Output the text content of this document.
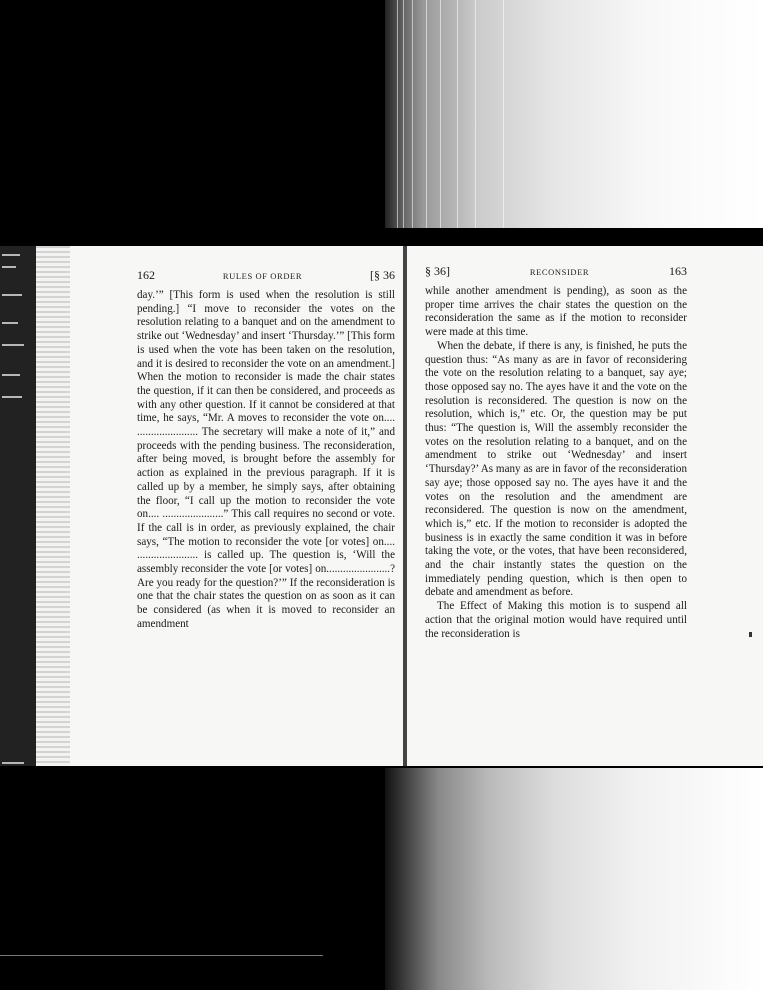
162	RULES OF ORDER	[§ 36

day.’” [This form is used when the resolution is still pending.] “I move to reconsider the votes on the resolution relating to a banquet and on the amendment to strike out ‘Wednesday’ and insert ‘Thursday.’” [This form is used when the vote has been taken on the resolution, and it is desired to reconsider the vote on an amendment.] When the motion to reconsider is made the chair states the question, if it can then be considered, and proceeds as with any other question. If it cannot be considered at that time, he says, “Mr. A moves to reconsider the vote on.... ...................... The secretary will make a note of it,” and proceeds with the pending business. The reconsideration, after being moved, is brought before the assembly for action as explained in the previous paragraph. If it is called up by a member, he simply says, after obtaining the floor, “I call up the motion to reconsider the vote on.... ......................” This call requires no second or vote. If the call is in order, as previously explained, the chair says, “The motion to reconsider the vote [or votes] on.... ...................... is called up. The question is, ‘Will the assembly reconsider the vote [or votes] on.......................? Are you ready for the question?’” If the reconsideration is one that the chair states the question on as soon as it can be considered (as when it is moved to reconsider an amendment

§ 36]	RECONSIDER	163

while another amendment is pending), as soon as the proper time arrives the chair states the question on the reconsideration the same as if the motion to reconsider were made at this time.

When the debate, if there is any, is finished, he puts the question thus: “As many as are in favor of reconsidering the vote on the resolution relating to a banquet, say aye; those opposed say no. The ayes have it and the vote on the resolution is reconsidered. The question is now on the resolution, which is,” etc. Or, the question may be put thus: “The question is, Will the assembly reconsider the votes on the resolution relating to a banquet, and on the amendment to strike out ‘Wednesday’ and insert ‘Thursday?’ As many as are in favor of the reconsideration say aye; those opposed say no. The ayes have it and the votes on the resolution and the amendment are reconsidered. The question is now on the amendment, which is,” etc. If the motion to reconsider is adopted the business is in exactly the same condition it was in before taking the vote, or the votes, that have been reconsidered, and the chair instantly states the question on the immediately pending question, which is then open to debate and amendment as before.

The Effect of Making this motion is to suspend all action that the original motion would have required until the reconsideration is
